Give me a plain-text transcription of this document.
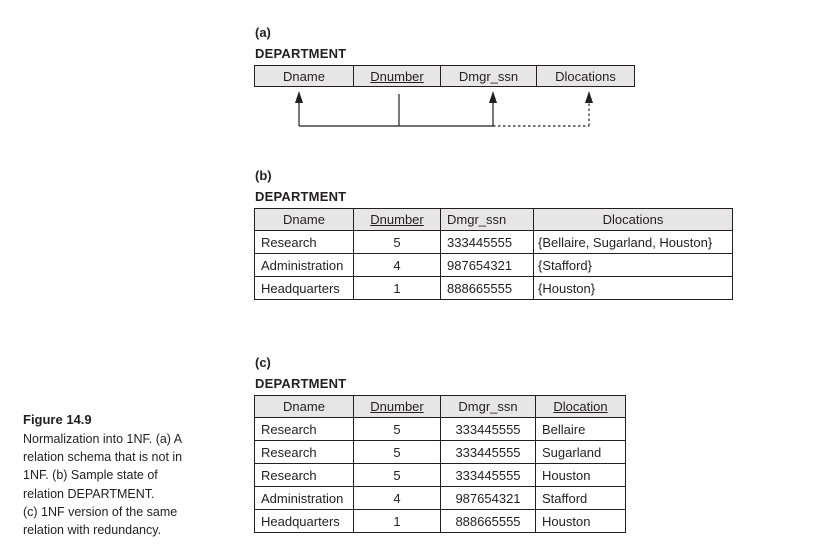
(a)
DEPARTMENT
Dname	Dnumber	Dmgr_ssn	Dlocations
(b)
DEPARTMENT
Dname	Dnumber	Dmgr_ssn	Dlocations
Research	5	333445555	{Bellaire, Sugarland, Houston}
Administration	4	987654321	{Stafford}
Headquarters	1	888665555	{Houston}
(c)
DEPARTMENT
Dname	Dnumber	Dmgr_ssn	Dlocation
Research	5	333445555	Bellaire
Research	5	333445555	Sugarland
Research	5	333445555	Houston
Administration	4	987654321	Stafford
Headquarters	1	888665555	Houston
Figure 14.9
Normalization into 1NF. (a) A
relation schema that is not in
1NF. (b) Sample state of
relation DEPARTMENT.
(c) 1NF version of the same
relation with redundancy.
